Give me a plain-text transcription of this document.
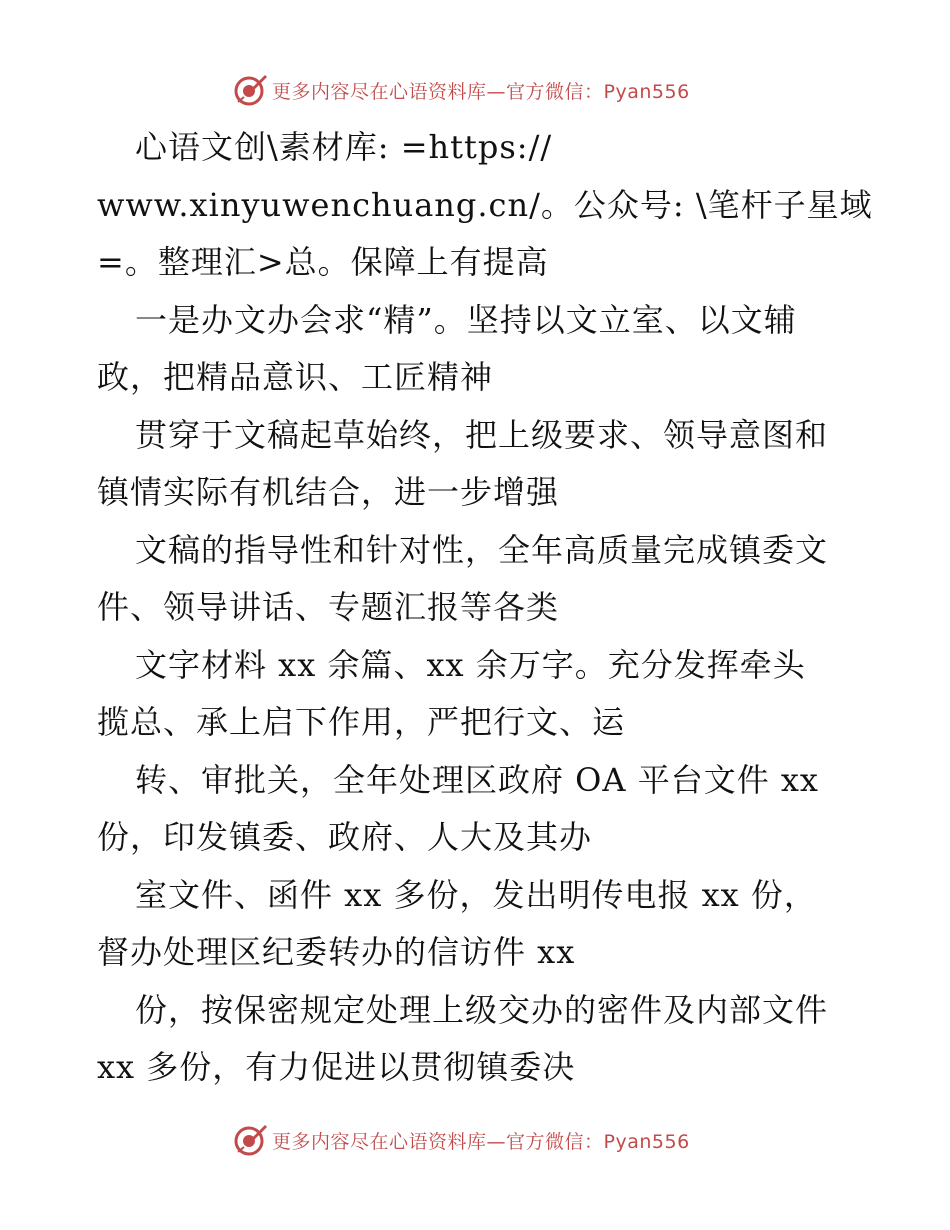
更多内容尽在心语资料库—官方微信：Pyan556
心语文创\素材库: =https://
www.xinyuwenchuang.cn/。公众号: \笔杆子星域
=。整理汇>总。保障上有提高
一是办文办会求“精”。坚持以文立室、以文辅
政，把精品意识、工匠精神
贯穿于文稿起草始终，把上级要求、领导意图和
镇情实际有机结合，进一步增强
文稿的指导性和针对性，全年高质量完成镇委文
件、领导讲话、专题汇报等各类
文字材料 xx 余篇、xx 余万字。充分发挥牵头
揽总、承上启下作用，严把行文、运
转、审批关，全年处理区政府 OA 平台文件 xx
份，印发镇委、政府、人大及其办
室文件、函件 xx 多份，发出明传电报 xx 份，
督办处理区纪委转办的信访件 xx
份，按保密规定处理上级交办的密件及内部文件
xx 多份，有力促进以贯彻镇委决
更多内容尽在心语资料库—官方微信：Pyan556
